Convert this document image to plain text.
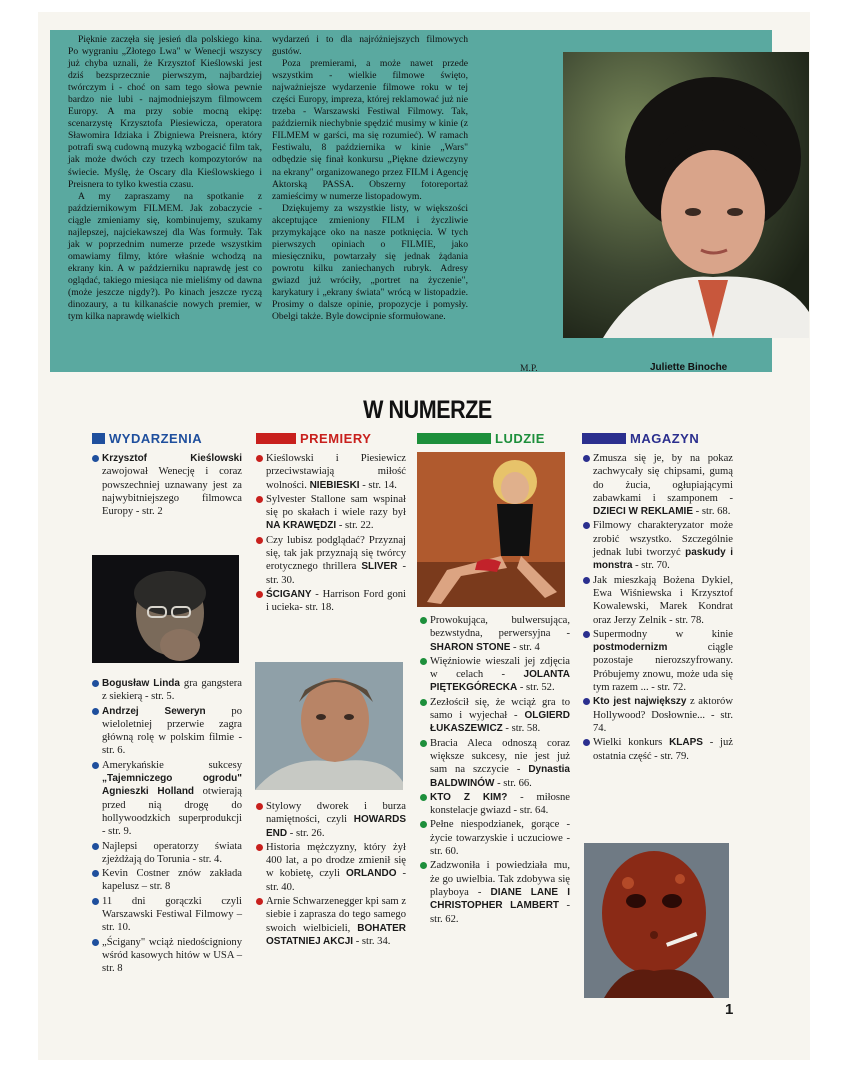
Pięknie zaczęła się jesień dla polskiego kina. Po wygraniu „Złotego Lwa" w Wenecji wszyscy już chyba uznali, że Krzysztof Kieślowski jest dziś bezsprzecznie pierwszym, najbardziej twórczym i - choć on sam tego słowa pewnie bardzo nie lubi - najmodniejszym filmowcem Europy. A ma przy sobie mocną ekipę: scenarzystę Krzysztofa Piesiewicza, operatora Sławomira Idziaka i Zbigniewa Preisnera, który potrafi swą cudowną muzyką wzbogacić film tak, jak może dwóch czy trzech kompozytorów na świecie. Myślę, że Oscary dla Kieślowskiego i Preisnera to tylko kwestia czasu.

A my zapraszamy na spotkanie z październikowym FILMEM. Jak zobaczycie - ciągle zmieniamy się, kombinujemy, szukamy najlepszej, najciekawszej dla Was formuły. Tak jak w poprzednim numerze przede wszystkim omawiamy filmy, które właśnie wchodzą na ekrany kin. A w październiku naprawdę jest co oglądać, takiego miesiąca nie mieliśmy od dawna (może jeszcze nigdy?). Po kinach jeszcze ryczą dinozaury, a tu kilkanaście nowych premier, w tym kilka naprawdę wielkich

wydarzeń i to dla najróżniejszych filmowych gustów.

Poza premierami, a może nawet przede wszystkim - wielkie filmowe święto, najważniejsze wydarzenie filmowe roku w tej części Europy, impreza, której reklamować już nie trzeba - Warszawski Festiwal Filmowy. Tak, październik niechybnie spędzić musimy w kinie (z FILMEM w garści, ma się rozumieć). W ramach Festiwalu, 8 października w kinie „Wars" odbędzie się finał konkursu „Piękne dziewczyny na ekrany" organizowanego przez FILM i Agencję Aktorską PASSA. Obszerny fotoreportaż zamieścimy w numerze listopadowym.

Dziękujemy za wszystkie listy, w większości akceptujące zmieniony FILM i życzliwie przymykające oko na nasze potknięcia. W tych pierwszych opiniach o FILMIE, jako miesięczniku, powtarzały się jednak żądania powrotu kilku zaniechanych rubryk. Adresy gwiazd już wróciły, „portret na życzenie", karykatury i „ekrany świata" wrócą w listopadzie. Prosimy o dalsze opinie, propozycje i pomysły. Obelgi także. Byle dowcipnie sformułowane.

M.P.	Juliette Binoche
W NUMERZE
WYDARZENIA	PREMIERY	LUDZIE	MAGAZYN
Krzysztof Kieślowski zawojował Wenecję i coraz powszechniej uznawany jest za najwybitniejszego filmowca Europy - str. 2
Bogusław Linda gra gangstera z siekierą - str. 5.
Andrzej Seweryn po wieloletniej przerwie zagra główną rolę w polskim filmie - str. 6.
Amerykańskie sukcesy „Tajemniczego ogrodu" Agnieszki Holland otwierają przed nią drogę do hollywoodzkich superprodukcji - str. 9.
Najlepsi operatorzy świata zjeżdżają do Torunia - str. 4.
Kevin Costner znów zakłada kapelusz – str. 8
11 dni gorączki czyli Warszawski Festiwal Filmowy – str. 10.
„Ścigany" wciąż niedościgniony wśród kasowych hitów w USA – str. 8
Kieślowski i Piesiewicz przeciwstawiają miłość wolności. NIEBIESKI - str. 14.
Sylvester Stallone sam wspinał się po skałach i wiele razy był NA KRAWĘDZI - str. 22.
Czy lubisz podglądać? Przyznaj się, tak jak przyznają się twórcy erotycznego thrillera SLIVER - str. 30.
ŚCIGANY - Harrison Ford goni i ucieka- str. 18.
Stylowy dworek i burza namiętności, czyli HOWARDS END - str. 26.
Historia mężczyzny, który żył 400 lat, a po drodze zmienił się w kobietę, czyli ORLANDO - str. 40.
Arnie Schwarzenegger kpi sam z siebie i zaprasza do tego samego swoich wielbicieli, BOHATER OSTATNIEJ AKCJI - str. 34.
Prowokująca, bulwersująca, bezwstydna, perwersyjna - SHARON STONE - str. 4
Więźniowie wieszali jej zdjęcia w celach - JOLANTA PIĘTEKGÓRECKA - str. 52.
Zezłościł się, że wciąż gra to samo i wyjechał - OLGIERD ŁUKASZEWICZ - str. 58.
Bracia Aleca odnoszą coraz większe sukcesy, nie jest już sam na szczycie - Dynastia BALDWINÓW - str. 66.
KTO Z KIM? - miłosne konstelacje gwiazd - str. 64.
Pełne niespodzianek, gorące - życie towarzyskie i uczuciowe - str. 60.
Zadzwoniła i powiedziała mu, że go uwielbia. Tak zdobywa się playboya - DIANE LANE I CHRISTOPHER LAMBERT - str. 62.
Zmusza się je, by na pokaz zachwycały się chipsami, gumą do żucia, ogłupiającymi zabawkami i szamponem - DZIECI W REKLAMIE - str. 68.
Filmowy charakteryzator może zrobić wszystko. Szczególnie jednak lubi tworzyć paskudy i monstra - str. 70.
Jak mieszkają Bożena Dykiel, Ewa Wiśniewska i Krzysztof Kowalewski, Marek Kondrat oraz Jerzy Zelnik - str. 78.
Supermodny w kinie postmodernizm ciągle pozostaje nierozszyfrowany. Próbujemy znowu, może uda się tym razem ... - str. 72.
Kto jest największy z aktorów Hollywood? Dosłownie... - str. 74.
Wielki konkurs KLAPS - już ostatnia część - str. 79.
1
